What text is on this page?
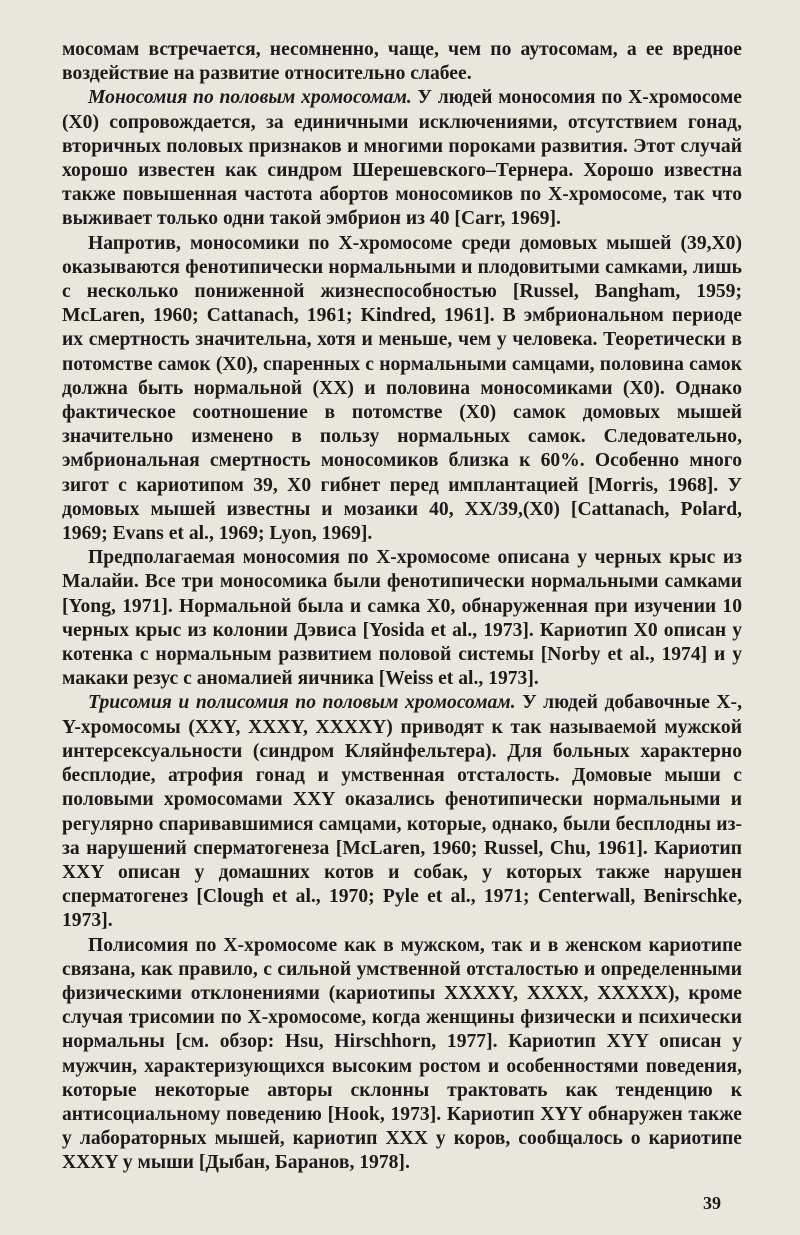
мосомам встречается, несомненно, чаще, чем по аутосомам, а ее вредное воздействие на развитие относительно слабее.

Моносомия по половым хромосомам. У людей моносомия по Х-хромосоме (Х0) сопровождается, за единичными исключениями, отсутствием гонад, вторичных половых признаков и многими пороками развития. Этот случай хорошо известен как синдром Шерешевского–Тернера. Хорошо известна также повышенная частота абортов моносомиков по Х-хромосоме, так что выживает только одни такой эмбрион из 40 [Carr, 1969].

Напротив, моносомики по Х-хромосоме среди домовых мышей (39,Х0) оказываются фенотипически нормальными и плодовитыми самками, лишь с несколько пониженной жизнеспособностью [Russel, Bangham, 1959; McLaren, 1960; Cattanach, 1961; Kindred, 1961]. В эмбриональном периоде их смертность значительна, хотя и меньше, чем у человека. Теоретически в потомстве самок (Х0), спаренных с нормальными самцами, половина самок должна быть нормальной (ХХ) и половина моносомиками (Х0). Однако фактическое соотношение в потомстве (Х0) самок домовых мышей значительно изменено в пользу нормальных самок. Следовательно, эмбриональная смертность моносомиков близка к 60%. Особенно много зигот с кариотипом 39, Х0 гибнет перед имплантацией [Morris, 1968]. У домовых мышей известны и мозаики 40, ХХ/39,(Х0) [Cattanach, Polard, 1969; Evans et al., 1969; Lyon, 1969].

Предполагаемая моносомия по Х-хромосоме описана у черных крыс из Малайи. Все три моносомика были фенотипически нормальными самками [Yong, 1971]. Нормальной была и самка Х0, обнаруженная при изучении 10 черных крыс из колонии Дэвиса [Yosida et al., 1973]. Кариотип Х0 описан у котенка с нормальным развитием половой системы [Norby et al., 1974] и у макаки резус с аномалией яичника [Weiss et al., 1973].

Трисомия и полисомия по половым хромосомам. У людей добавочные Х-, Y-хромосомы (XXY, XXXY, XXXXY) приводят к так называемой мужской интерсексуальности (синдром Кляйнфельтера). Для больных характерно бесплодие, атрофия гонад и умственная отсталость. Домовые мыши с половыми хромосомами XXY оказались фенотипически нормальными и регулярно спаривавшимися самцами, которые, однако, были бесплодны из-за нарушений сперматогенеза [McLaren, 1960; Russel, Chu, 1961]. Кариотип XXY описан у домашних котов и собак, у которых также нарушен сперматогенез [Clough et al., 1970; Pyle et al., 1971; Centerwall, Benirschke, 1973].

Полисомия по Х-хромосоме как в мужском, так и в женском кариотипе связана, как правило, с сильной умственной отсталостью и определенными физическими отклонениями (кариотипы XXXXY, XXXX, XXXXX), кроме случая трисомии по Х-хромосоме, когда женщины физически и психически нормальны [см. обзор: Hsu, Hirschhorn, 1977]. Кариотип XYY описан у мужчин, характеризующихся высоким ростом и особенностями поведения, которые некоторые авторы склонны трактовать как тенденцию к антисоциальному поведению [Hook, 1973]. Кариотип XYY обнаружен также у лабораторных мышей, кариотип XXX у коров, сообщалось о кариотипе XXXY у мыши [Дыбан, Баранов, 1978].

39
